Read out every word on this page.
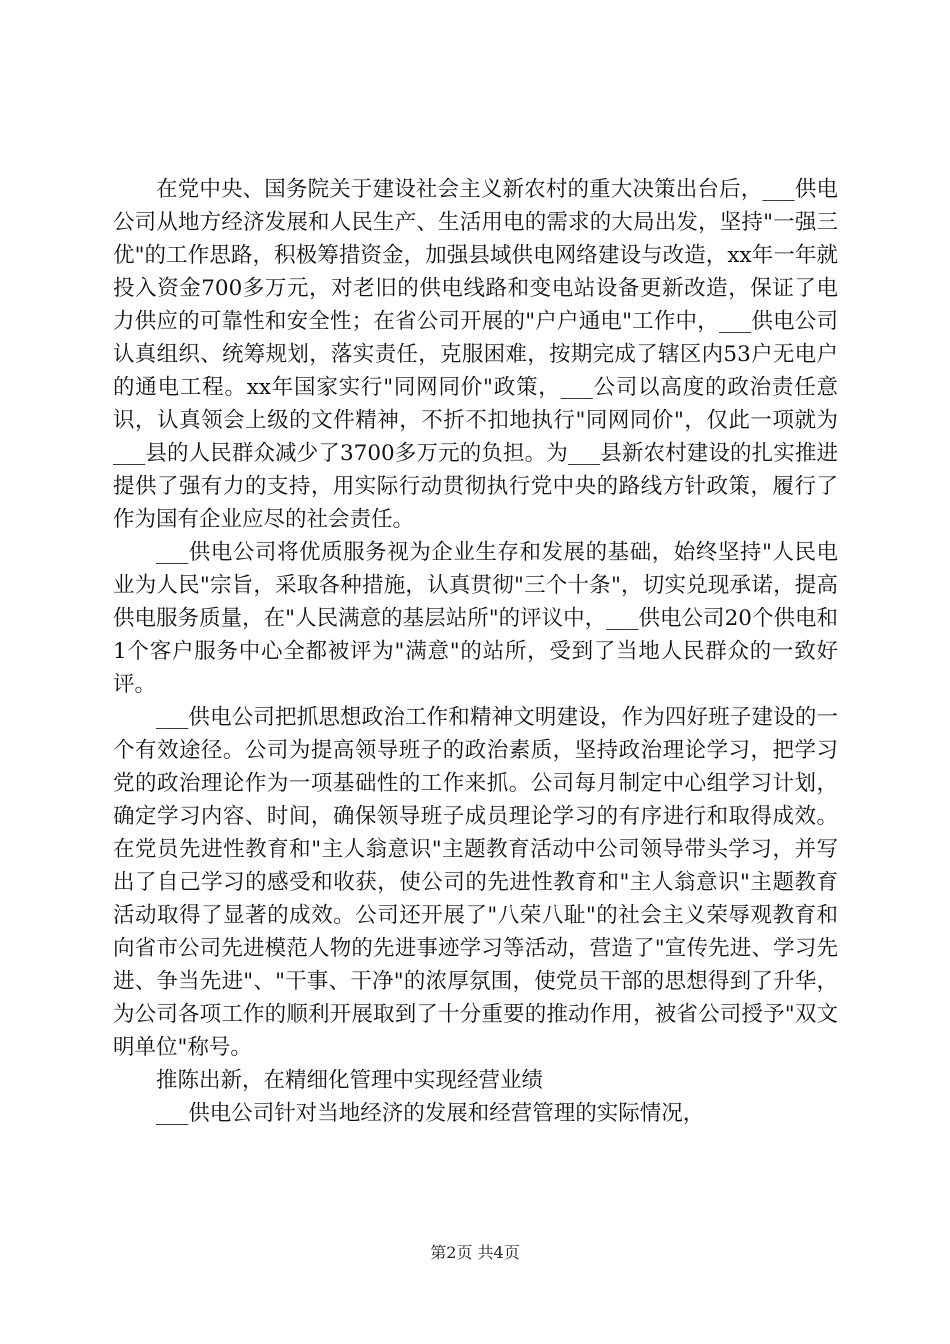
在党中央、国务院关于建设社会主义新农村的重大决策出台后，___供电公司从地方经济发展和人民生产、生活用电的需求的大局出发，坚持"一强三优"的工作思路，积极筹措资金，加强县域供电网络建设与改造，xx年一年就投入资金700多万元，对老旧的供电线路和变电站设备更新改造，保证了电力供应的可靠性和安全性；在省公司开展的"户户通电"工作中，___供电公司认真组织、统筹规划，落实责任，克服困难，按期完成了辖区内53户无电户的通电工程。xx年国家实行"同网同价"政策，___公司以高度的政治责任意识，认真领会上级的文件精神，不折不扣地执行"同网同价"，仅此一项就为___县的人民群众减少了3700多万元的负担。为___县新农村建设的扎实推进提供了强有力的支持，用实际行动贯彻执行党中央的路线方针政策，履行了作为国有企业应尽的社会责任。

___供电公司将优质服务视为企业生存和发展的基础，始终坚持"人民电业为人民"宗旨，采取各种措施，认真贯彻"三个十条"，切实兑现承诺，提高供电服务质量，在"人民满意的基层站所"的评议中，___供电公司20个供电和1个客户服务中心全都被评为"满意"的站所，受到了当地人民群众的一致好评。

___供电公司把抓思想政治工作和精神文明建设，作为四好班子建设的一个有效途径。公司为提高领导班子的政治素质，坚持政治理论学习，把学习党的政治理论作为一项基础性的工作来抓。公司每月制定中心组学习计划，确定学习内容、时间，确保领导班子成员理论学习的有序进行和取得成效。在党员先进性教育和"主人翁意识"主题教育活动中公司领导带头学习，并写出了自己学习的感受和收获，使公司的先进性教育和"主人翁意识"主题教育活动取得了显著的成效。公司还开展了"八荣八耻"的社会主义荣辱观教育和向省市公司先进模范人物的先进事迹学习等活动，营造了"宣传先进、学习先进、争当先进"、"干事、干净"的浓厚氛围，使党员干部的思想得到了升华，为公司各项工作的顺利开展取到了十分重要的推动作用，被省公司授予"双文明单位"称号。

推陈出新，在精细化管理中实现经营业绩

___供电公司针对当地经济的发展和经营管理的实际情况，

第2页 共4页
